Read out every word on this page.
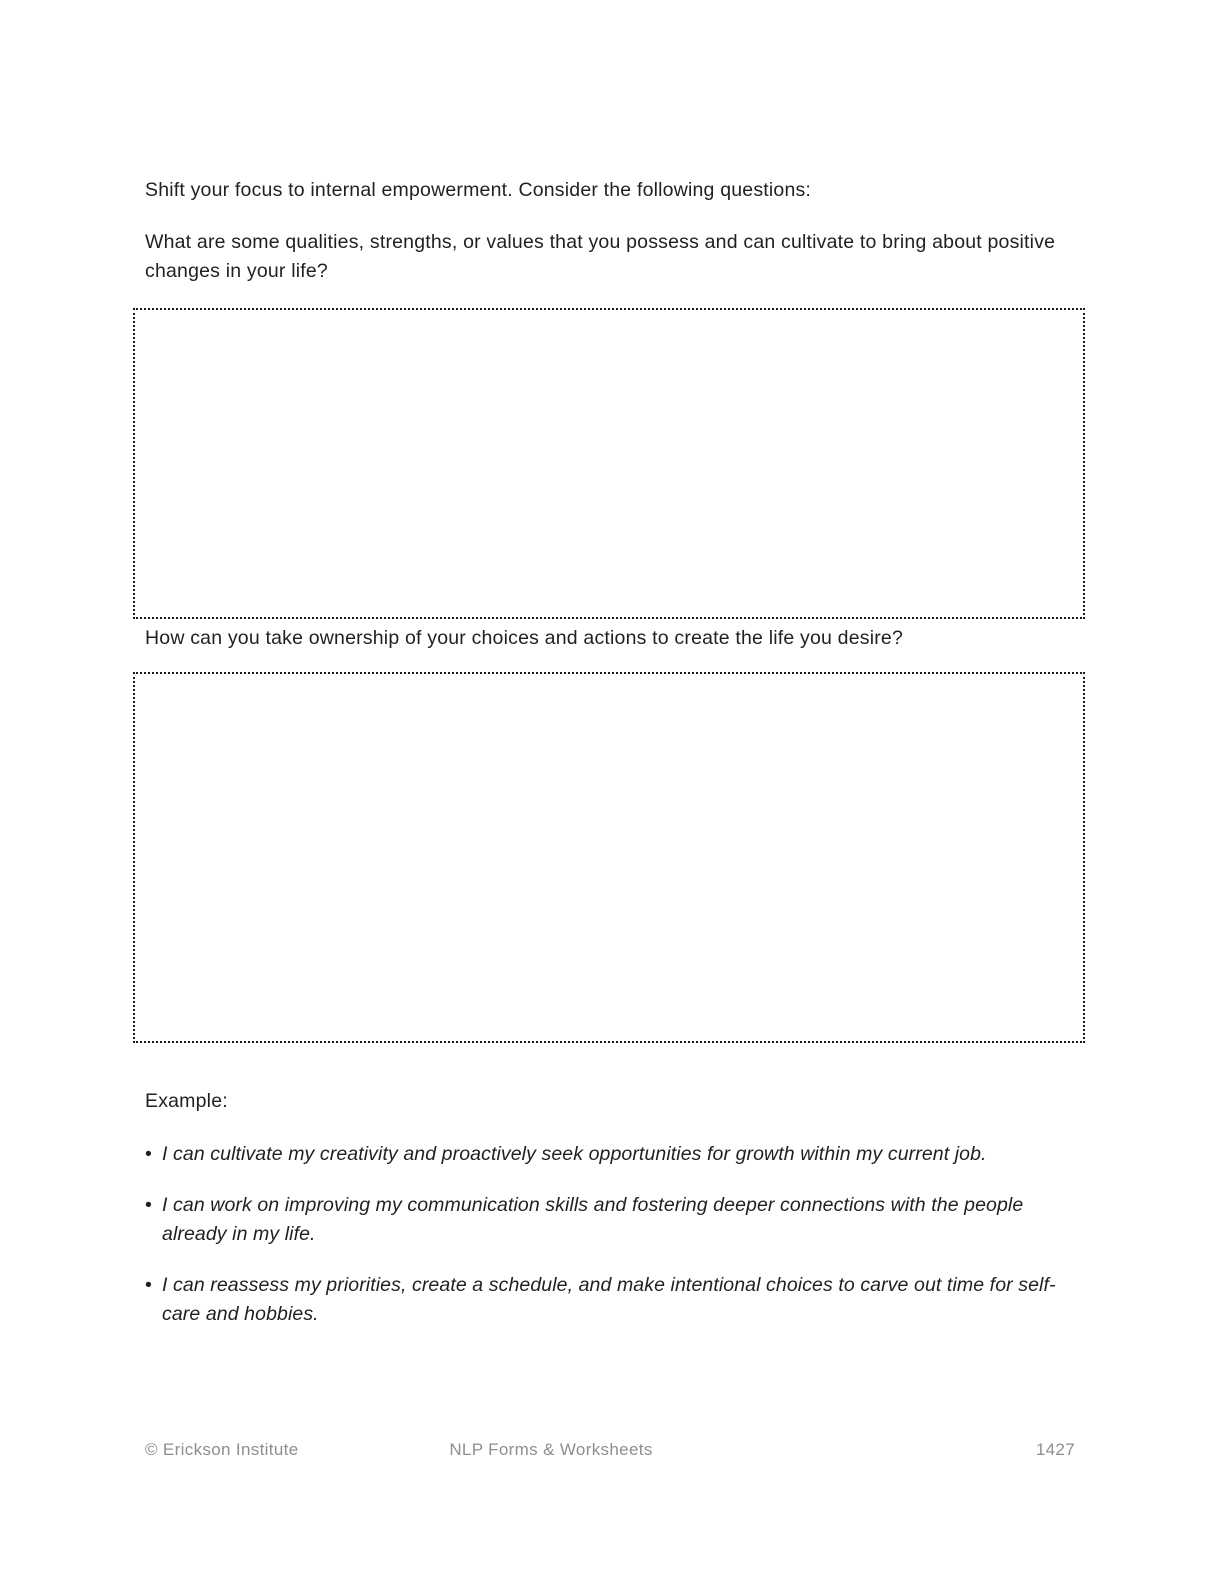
Shift your focus to internal empowerment. Consider the following questions:

What are some qualities, strengths, or values that you possess and can cultivate to bring about positive changes in your life?

How can you take ownership of your choices and actions to create the life you desire?

Example:

• I can cultivate my creativity and proactively seek opportunities for growth within my current job.
• I can work on improving my communication skills and fostering deeper connections with the people already in my life.
• I can reassess my priorities, create a schedule, and make intentional choices to carve out time for self-care and hobbies.
© Erickson Institute	NLP Forms & Worksheets	1427
